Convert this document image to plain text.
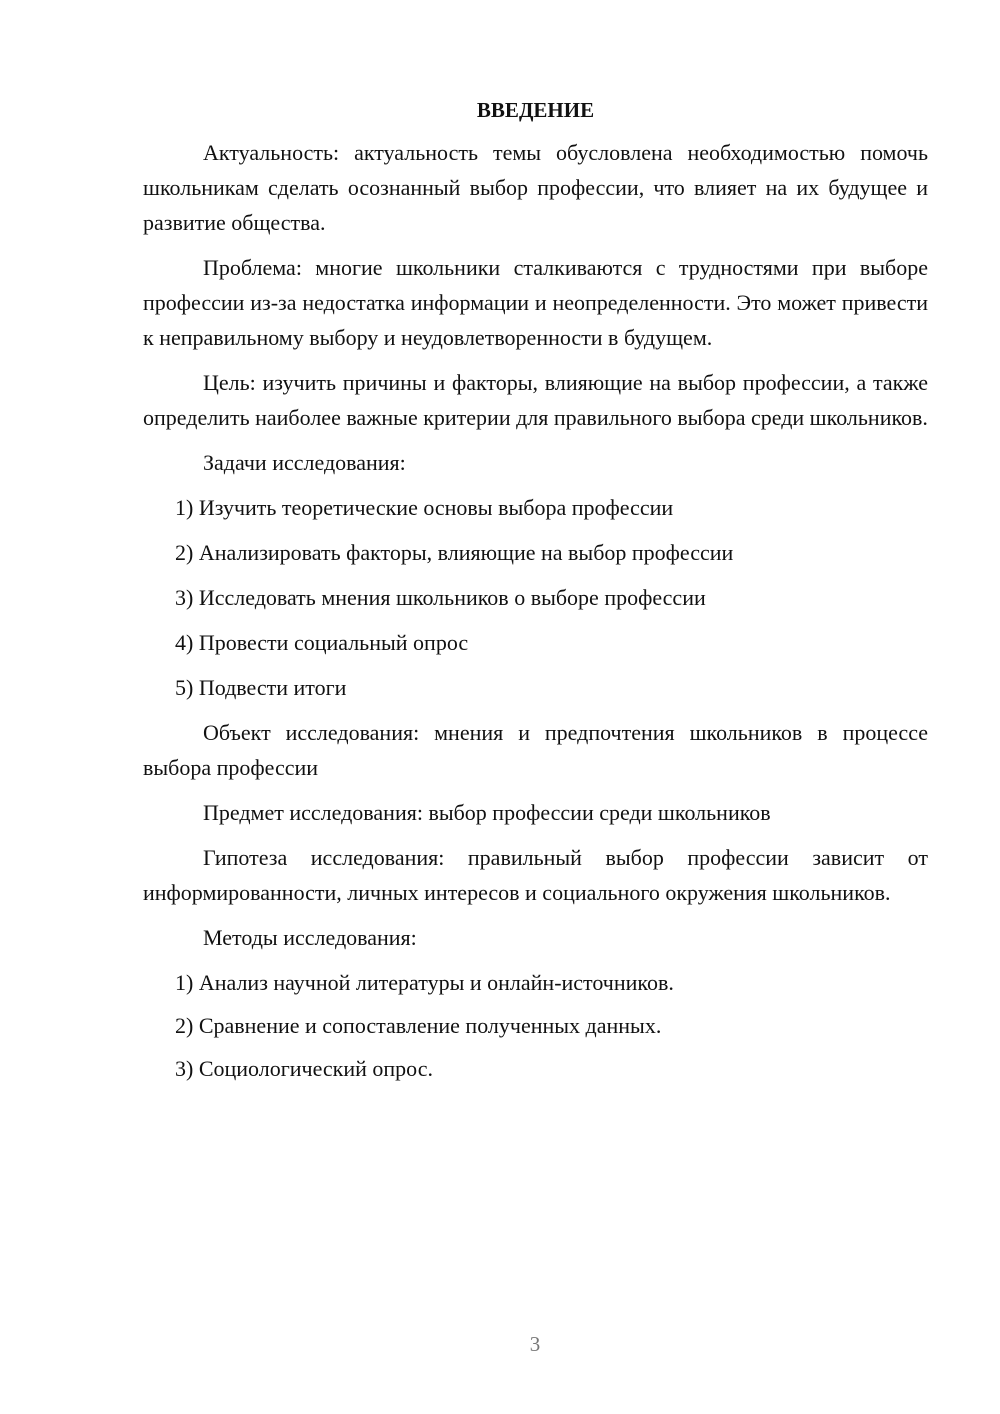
ВВЕДЕНИЕ
Актуальность: актуальность темы обусловлена необходимостью помочь школьникам сделать осознанный выбор профессии, что влияет на их будущее и развитие общества.
Проблема: многие школьники сталкиваются с трудностями при выборе профессии из-за недостатка информации и неопределенности. Это может привести к неправильному выбору и неудовлетворенности в будущем.
Цель: изучить причины и факторы, влияющие на выбор профессии, а также определить наиболее важные критерии для правильного выбора среди школьников.
Задачи исследования:
1) Изучить теоретические основы выбора профессии
2) Анализировать факторы, влияющие на выбор профессии
3) Исследовать мнения школьников о выборе профессии
4) Провести социальный опрос
5) Подвести итоги
Объект исследования: мнения и предпочтения школьников в процессе выбора профессии
Предмет исследования: выбор профессии среди школьников
Гипотеза исследования: правильный выбор профессии зависит от информированности, личных интересов и социального окружения школьников.
Методы исследования:
1) Анализ научной литературы и онлайн-источников.
2) Сравнение и сопоставление полученных данных.
3) Социологический опрос.
3
